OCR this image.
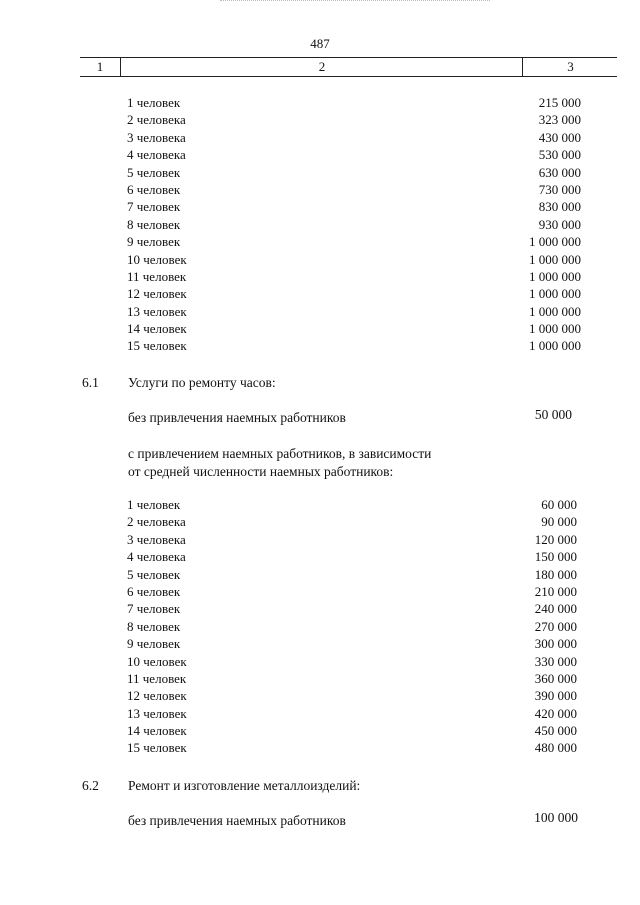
487
1	2	3
1 человек	215 000
2 человека	323 000
3 человека	430 000
4 человека	530 000
5 человек	630 000
6 человек	730 000
7 человек	830 000
8 человек	930 000
9 человек	1 000 000
10 человек	1 000 000
11 человек	1 000 000
12 человек	1 000 000
13 человек	1 000 000
14 человек	1 000 000
15 человек	1 000 000
6.1 Услуги по ремонту часов:
без привлечения наемных работников	50 000
с привлечением наемных работников, в зависимости
от средней численности наемных работников:
1 человек	60 000
2 человека	90 000
3 человека	120 000
4 человека	150 000
5 человек	180 000
6 человек	210 000
7 человек	240 000
8 человек	270 000
9 человек	300 000
10 человек	330 000
11 человек	360 000
12 человек	390 000
13 человек	420 000
14 человек	450 000
15 человек	480 000
6.2 Ремонт и изготовление металлоизделий:
без привлечения наемных работников	100 000
